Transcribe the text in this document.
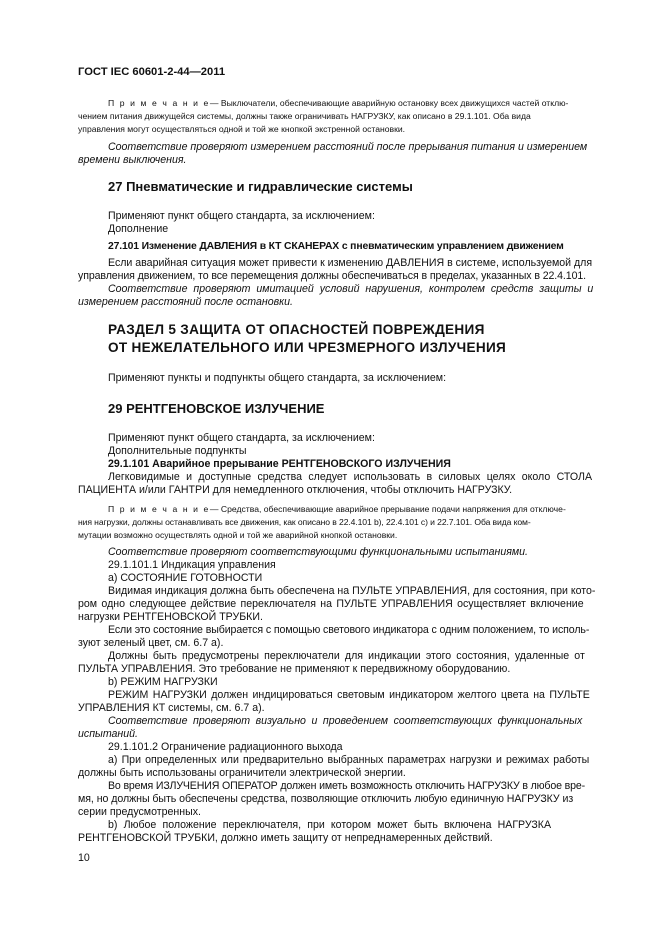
ГОСТ IEC 60601-2-44—2011
П р и м е ч а н и е— Выключатели, обеспечивающие аварийную остановку всех движущихся частей отклю-
чением питания движущейся системы, должны также ограничивать НАГРУЗКУ, как описано в 29.1.101. Оба вида
управления могут осуществляться одной и той же кнопкой экстренной остановки.
Соответствие проверяют измерением расстояний после прерывания питания и измерением
времени выключения.
27 Пневматические и гидравлические системы
Применяют пункт общего стандарта, за исключением:
Дополнение
27.101 Изменение ДАВЛЕНИЯ в КТ СКАНЕРАХ с пневматическим управлением движением
Если аварийная ситуация может привести к изменению ДАВЛЕНИЯ в системе, используемой для
управления движением, то все перемещения должны обеспечиваться в пределах, указанных в 22.4.101.
Соответствие проверяют имитацией условий нарушения, контролем средств защиты и
измерением расстояний после остановки.
РАЗДЕЛ 5 ЗАЩИТА ОТ ОПАСНОСТЕЙ ПОВРЕЖДЕНИЯ
ОТ НЕЖЕЛАТЕЛЬНОГО ИЛИ ЧРЕЗМЕРНОГО ИЗЛУЧЕНИЯ
Применяют пункты и подпункты общего стандарта, за исключением:
29 РЕНТГЕНОВСКОЕ ИЗЛУЧЕНИЕ
Применяют пункт общего стандарта, за исключением:
Дополнительные подпункты
29.1.101 Аварийное прерывание РЕНТГЕНОВСКОГО ИЗЛУЧЕНИЯ
Легковидимые и доступные средства следует использовать в силовых целях около СТОЛА
ПАЦИЕНТА и/или ГАНТРИ для немедленного отключения, чтобы отключить НАГРУЗКУ.
П р и м е ч а н и е— Средства, обеспечивающие аварийное прерывание подачи напряжения для отключе-
ния нагрузки, должны останавливать все движения, как описано в 22.4.101 b), 22.4.101 c) и 22.7.101. Оба вида ком-
мутации возможно осуществлять одной и той же аварийной кнопкой остановки.
Соответствие проверяют соответствующими функциональными испытаниями.
29.1.101.1 Индикация управления
a) СОСТОЯНИЕ ГОТОВНОСТИ
Видимая индикация должна быть обеспечена на ПУЛЬТЕ УПРАВЛЕНИЯ, для состояния, при кото-
ром одно следующее действие переключателя на ПУЛЬТЕ УПРАВЛЕНИЯ осуществляет включение
нагрузки РЕНТГЕНОВСКОЙ ТРУБКИ.
Если это состояние выбирается с помощью светового индикатора с одним положением, то исполь-
зуют зеленый цвет, см. 6.7 а).
Должны быть предусмотрены переключатели для индикации этого состояния, удаленные от
ПУЛЬТА УПРАВЛЕНИЯ. Это требование не применяют к передвижному оборудованию.
b) РЕЖИМ НАГРУЗКИ
РЕЖИМ НАГРУЗКИ должен индицироваться световым индикатором желтого цвета на ПУЛЬТЕ
УПРАВЛЕНИЯ КТ системы, см. 6.7 а).
Соответствие проверяют визуально и проведением соответствующих функциональных
испытаний.
29.1.101.2 Ограничение радиационного выхода
а) При определенных или предварительно выбранных параметрах нагрузки и режимах работы
должны быть использованы ограничители электрической энергии.
Во время ИЗЛУЧЕНИЯ ОПЕРАТОР должен иметь возможность отключить НАГРУЗКУ в любое вре-
мя, но должны быть обеспечены средства, позволяющие отключить любую единичную НАГРУЗКУ из
серии предусмотренных.
b) Любое положение переключателя, при котором может быть включена НАГРУЗКА
РЕНТГЕНОВСКОЙ ТРУБКИ, должно иметь защиту от непреднамеренных действий.
10
